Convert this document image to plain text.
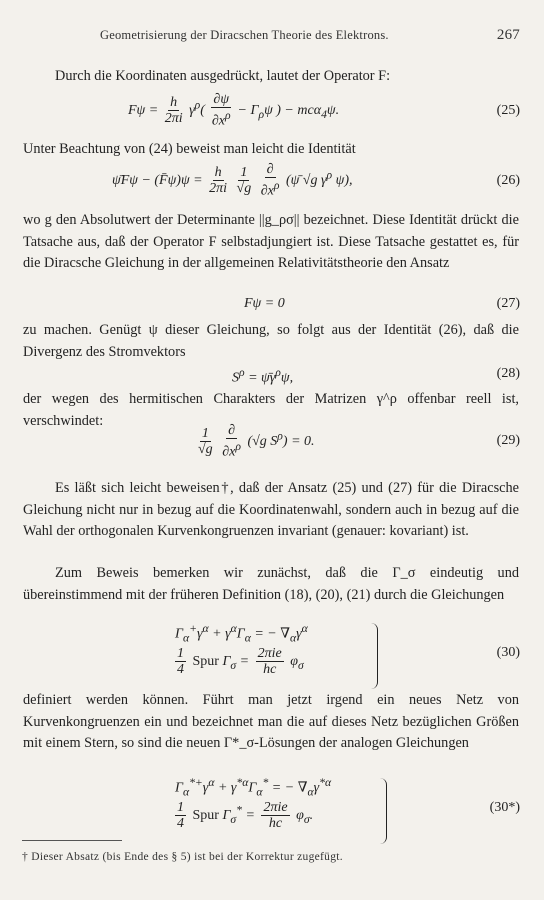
Geometrisierung der Diracschen Theorie des Elektrons.	267
Durch die Koordinaten ausgedrückt, lautet der Operator F:
$F\psi = \frac{h}{2\pi i} \gamma^\rho( \frac{\partial\psi}{\partial x^\rho} - \Gamma_\rho\psi$ ) − mcα$_4$ψ.	(25)
Unter Beachtung von (24) beweist man leicht die Identität
ψ̄Fψ − (F̄ψ)ψ = $\frac{h}{2\pi i}$
$\frac{1}{√g}$
$\frac{\partial}{\partial x^\rho}$ (ψ̄ √g $\gamma^\rho$ ψ),	(26)
wo g den Absolutwert der Determinante ||g_ρσ|| bezeichnet. Diese Identität drückt die Tatsache aus, daß der Operator F selbstadjungiert ist. Diese Tatsache gestattet es, für die Diracsche Gleichung in der allgemeinen Relativitätstheorie den Ansatz
Fψ = 0	(27)
zu machen. Genügt ψ dieser Gleichung, so folgt aus der Identität (26), daß die Divergenz des Stromvektors
$S^\rho$ = $\psī\gamma^\rho\psi$,	(28)
der wegen des hermitischen Charakters der Matrizen γ^ρ offenbar reell ist, verschwindet:
$\frac{1}{√g}$
$\frac{\partial}{\partial x^\rho} (√g$ $S^\rho) = 0$.	(29)
Es läßt sich leicht beweisen†, daß der Ansatz (25) und (27) für die Diracsche Gleichung nicht nur in bezug auf die Koordinatenwahl, sondern auch in bezug auf die Wahl der orthogonalen Kurvenkongruenzen invariant (genauer: kovariant) ist.
Zum Beweis bemerken wir zunächst, daß die Γ_σ eindeutig und übereinstimmend mit der früheren Definition (18), (20), (21) durch die Gleichungen
$\Gamma_\alpha^+\gamma^\alpha + \gamma^\alpha\Gamma_\alpha$ = − $\nabla_\alpha\gamma^\alpha$
$\frac{1}{4}$ Spur $\Gamma_\sigma = \frac{\text{2πie}}{hc} \varphi_\sigma$
(30)
definiert werden können. Führt man jetzt irgend ein neues Netz von Kurvenkongruenzen ein und bezeichnet man die auf dieses Netz bezüglichen Größen mit einem Stern, so sind die neuen Γ*_σ-Lösungen der analogen Gleichungen
$\Gamma_\alpha^{*+}\gamma^\alpha + \gamma^{*\alpha}\Gamma_\alpha^*$ = − $\nabla_\alpha\gamma^{*\alpha}$
$\frac{1}{4}$ Spur $\Gamma_\sigma^* = \frac{\text{2πie}}{hc} \varphi_\sigma$.
(30*)
† Dieser Absatz (bis Ende des § 5) ist bei der Korrektur zugefügt.
